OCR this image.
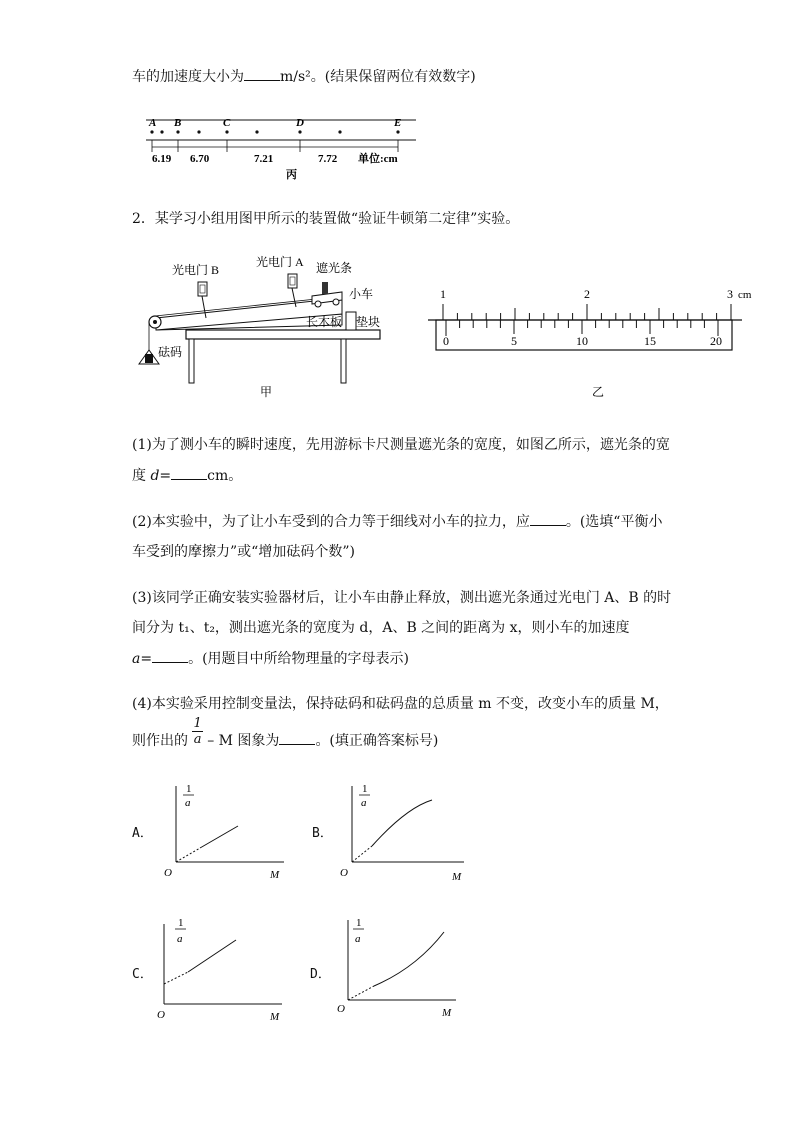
车的加速度大小为	m/s²。(结果保留两位有效数字)
A B	C	D	E
6.19 6.70	7.21	7.72 单位:cm
丙
2．某学习小组用图甲所示的装置做“验证牛顿第二定律”实验。
光电门 B
光电门 A 遮光条
小车
长木板 垫块
砝码
甲
1	2	3 cm
0	5	10	15	20
乙
(1)为了测小车的瞬时速度，先用游标卡尺测量遮光条的宽度，如图乙所示，遮光条的宽
度 d=	cm。
(2)本实验中，为了让小车受到的合力等于细线对小车的拉力，应	。(选填“平衡小
车受到的摩擦力”或“增加砝码个数”)
(3)该同学正确安装实验器材后，让小车由静止释放，测出遮光条通过光电门 A、B 的时
间分为 t₁、t₂，测出遮光条的宽度为 d，A、B 之间的距离为 x，则小车的加速度
a=	。(用题目中所给物理量的字母表示)
(4)本实验采用控制变量法，保持砝码和砝码盘的总质量 m 不变，改变小车的质量 M，
则作出的 $\frac{1}{a}$ – M 图象为	。(填正确答案标号)
A．
1
a
O	M
B．
1
a
O	M
C．
1
a
O	M
D．
1
a
O	M
